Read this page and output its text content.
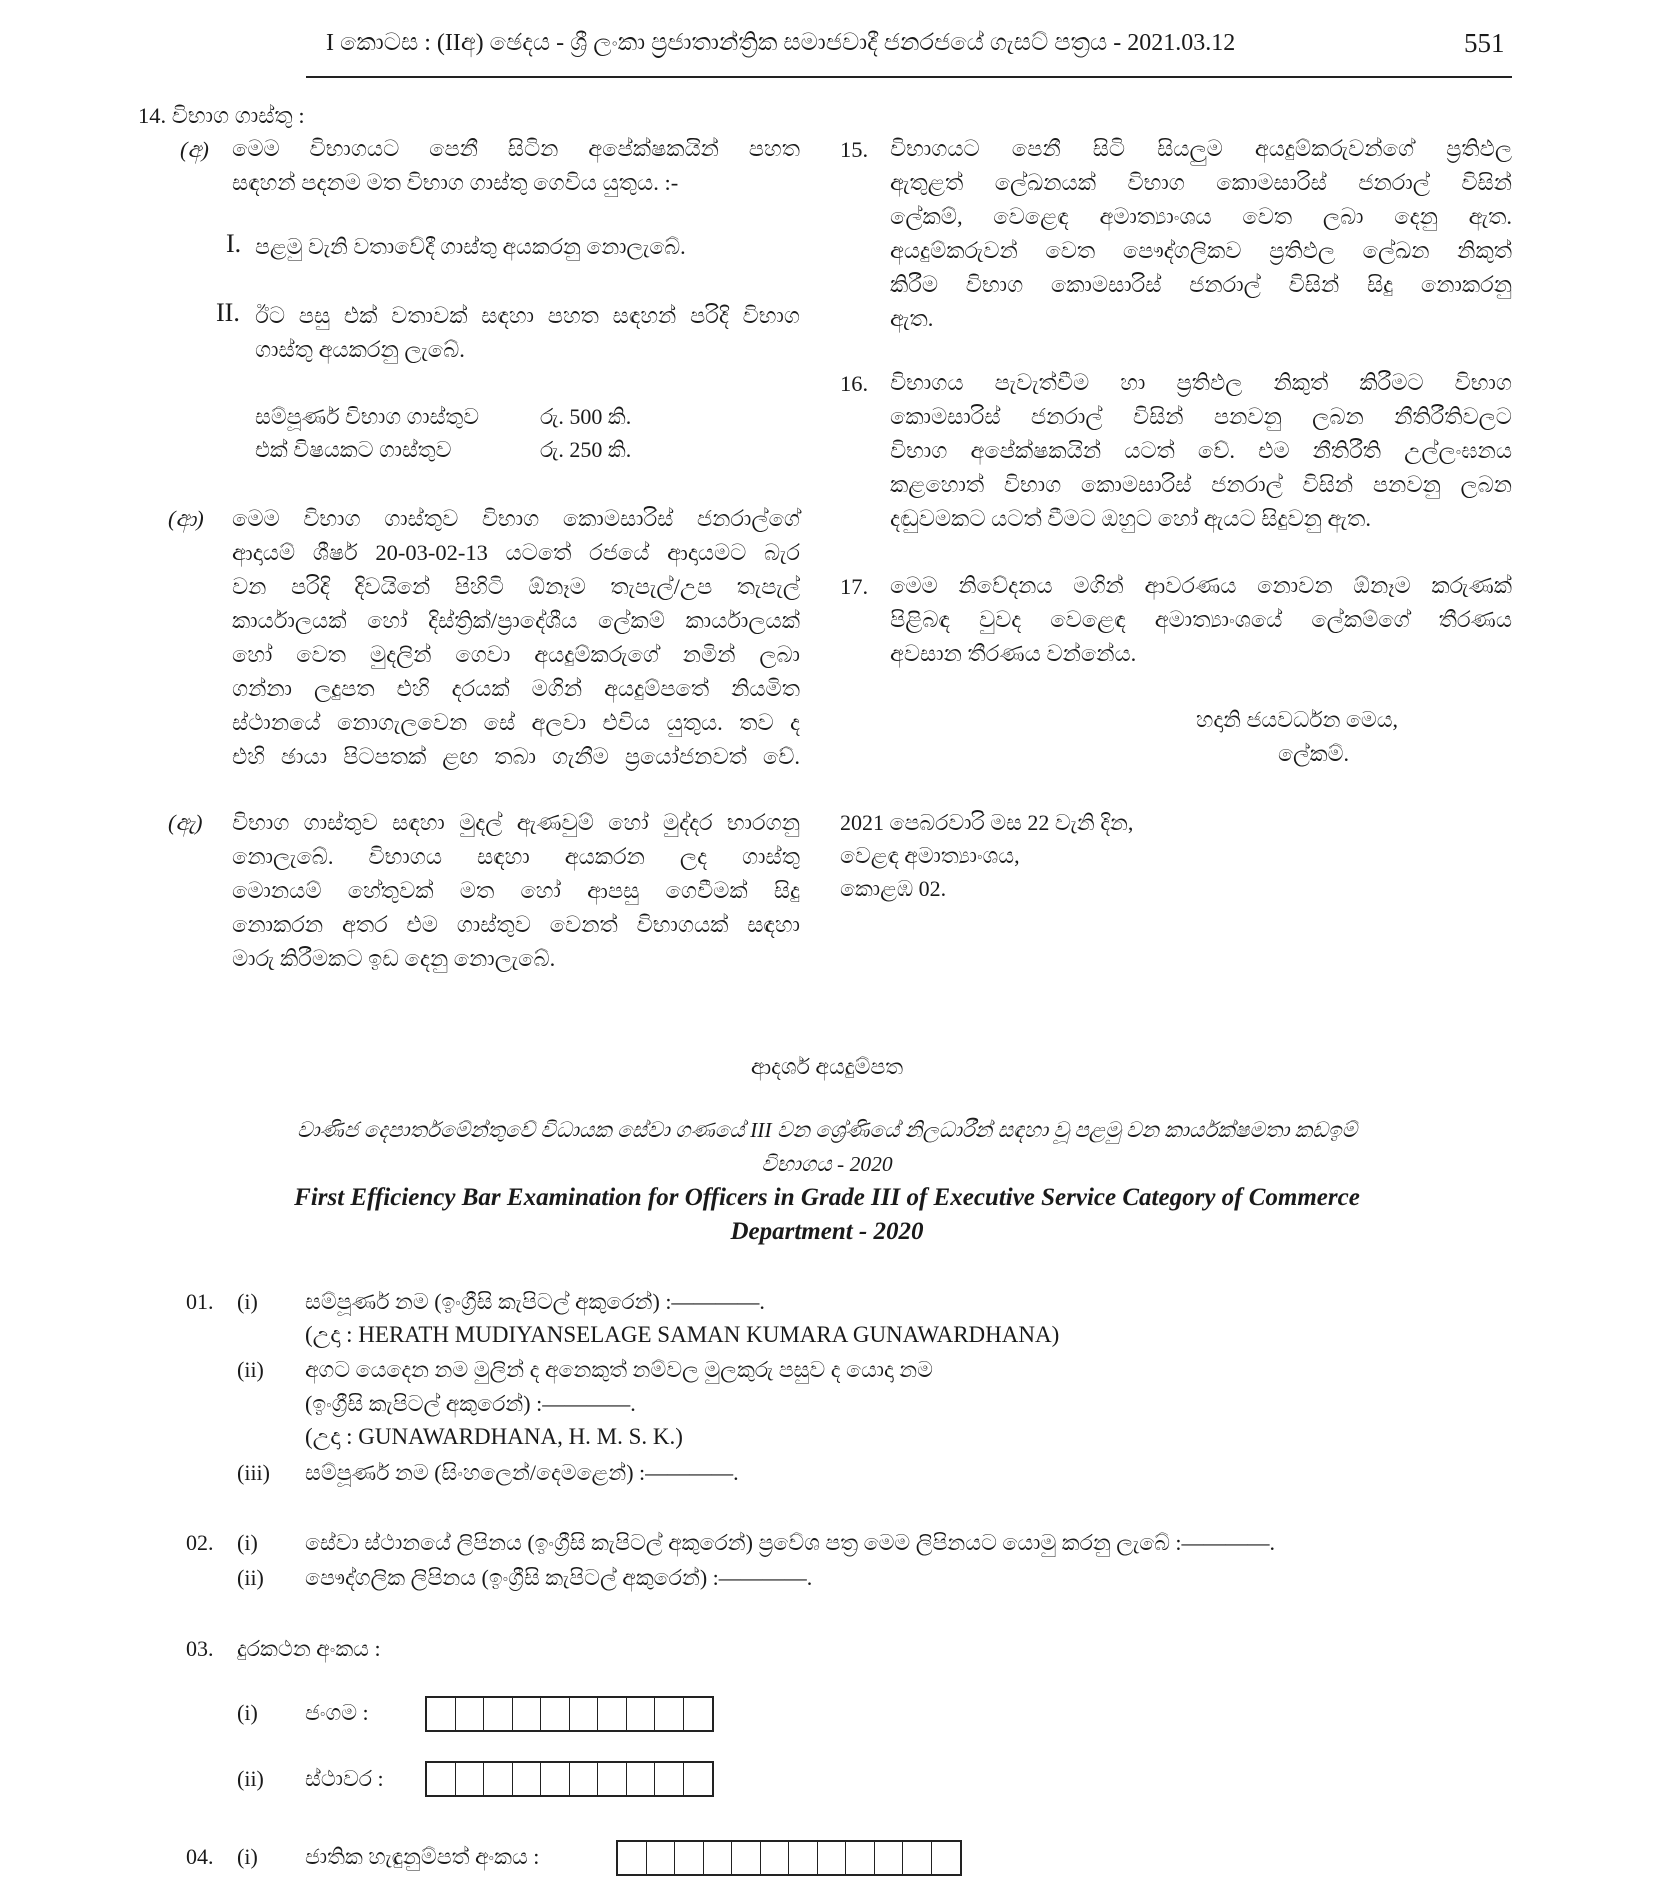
I කොටස : (IIඅ) ඡෙදය - ශ්‍රී ලංකා ප්‍රජාතාන්ත්‍රික සමාජවාදී ජනරජයේ ගැසට් පත්‍රය - 2021.03.12	551
14. විභාග ගාස්තු :
(අ) මෙම විභාගයට පෙනී සිටින අපේක්ෂකයින් පහත
සඳහන් පදනම මත විභාග ගාස්තු ගෙවිය යුතුය. :-
I. පළමු වැනි වතාවේදී ගාස්තු අයකරනු නොලැබේ.
II. ඊට පසු එක් වතාවක් සඳහා පහත සඳහන් පරිදි විභාග
ගාස්තු අයකරනු ලැබේ.
සම්පූර්ණ විභාග ගාස්තුව	රු. 500 කි.
එක් විෂයකට ගාස්තුව	රු. 250 කි.
(ආ) මෙම විභාග ගාස්තුව විභාග කොමසාරිස් ජනරාල්ගේ
ආදායම් ශීර්ෂ 20-03-02-13 යටතේ රජයේ ආදායමට බැර
වන පරිදි දිවයිනේ පිහිටි ඕනෑම තැපැල්/උප තැපැල්
කාර්යාලයක් හෝ දිස්ත්‍රික්/ප්‍රාදේශීය ලේකම් කාර්යාලයක්
හෝ වෙත මුදලින් ගෙවා අයදුම්කරුගේ නමින් ලබා
ගන්නා ලදුපත එහි දරයක් මගින් අයදුම්පතේ නියමිත
ස්ථානයේ නොගැලවෙන සේ අලවා එවිය යුතුය. තව ද
එහි ඡායා පිටපතක් ළඟ තබා ගැනීම ප්‍රයෝජනවත් වේ.
(ඇ) විභාග ගාස්තුව සඳහා මුදල් ඇණවුම් හෝ මුද්දර භාරගනු
නොලැබේ. විභාගය සඳහා අයකරන ලද ගාස්තු
මොනයම් හේතුවක් මත හෝ ආපසු ගෙවීමක් සිදු
නොකරන අතර එම ගාස්තුව වෙනත් විභාගයක් සඳහා
මාරු කිරීමකට ඉඩ දෙනු නොලැබේ.
15. විභාගයට පෙනී සිටි සියලුම අයදුම්කරුවන්ගේ ප්‍රතිඵල
ඇතුළත් ලේඛනයක් විභාග කොමසාරිස් ජනරාල් විසින්
ලේකම්, වෙළෙඳ අමාත්‍යාංශය වෙත ලබා දෙනු ඇත.
අයදුම්කරුවන් වෙත පෞද්ගලිකව ප්‍රතිඵල ලේඛන නිකුත්
කිරීම විභාග කොමසාරිස් ජනරාල් විසින් සිදු නොකරනු
ඇත.
16. විභාගය පැවැත්වීම හා ප්‍රතිඵල නිකුත් කිරීමට විභාග
කොමසාරිස් ජනරාල් විසින් පනවනු ලබන නීතිරීතිවලට
විභාග අපේක්ෂකයින් යටත් වේ. එම නීතිරීති උල්ලංඝනය
කළහොත් විභාග කොමසාරිස් ජනරාල් විසින් පනවනු ලබන
දඬුවමකට යටත් වීමට ඔහුට හෝ ඇයට සිදුවනු ඇත.
17. මෙම නිවේදනය මගින් ආවරණය නොවන ඕනෑම කරුණක්
පිළිබඳ වුවද වෙළෙඳ අමාත්‍යාංශයේ ලේකම්ගේ තීරණය
අවසාන තීරණය වන්නේය.
හදානි ජයවර්ධන මෙය,
ලේකම්.
2021 පෙබරවාරි මස 22 වැනි දින,
වෙළඳ අමාත්‍යාංශය,
කොළඹ 02.
ආදර්ශ අයදුම්පත
වාණිජ දෙපාර්තමේන්තුවේ විධායක සේවා ගණයේ III වන ශ්‍රේණියේ නිලධාරීන් සඳහා වූ පළමු වන කාර්යක්ෂමතා කඩඉම්
විභාගය - 2020
First Efficiency Bar Examination for Officers in Grade III of Executive Service Category of Commerce
Department - 2020
01. (i) සම්පූර්ණ නම (ඉංග්‍රීසි කැපිටල් අකුරෙන්) :————.
(උදා : HERATH MUDIYANSELAGE SAMAN KUMARA GUNAWARDHANA)
(ii) අගට යෙදෙන නම මුලින් ද අනෙකුත් නම්වල මුලකුරු පසුව ද යොදා නම
(ඉංග්‍රීසි කැපිටල් අකුරෙන්) :————.
(උදා : GUNAWARDHANA, H. M. S. K.)
(iii) සම්පූර්ණ නම (සිංහලෙන්/දෙමළෙන්) :————.
02. (i) සේවා ස්ථානයේ ලිපිනය (ඉංග්‍රීසි කැපිටල් අකුරෙන්) ප්‍රවේශ පත්‍ර මෙම ලිපිනයට යොමු කරනු ලැබේ :————.
(ii) පෞද්ගලික ලිපිනය (ඉංග්‍රීසි කැපිටල් අකුරෙන්) :————.
03. දුරකථන අංකය :
(i) ජංගම :
(ii) ස්ථාවර :
04. (i) ජාතික හැඳුනුම්පත් අංකය :
